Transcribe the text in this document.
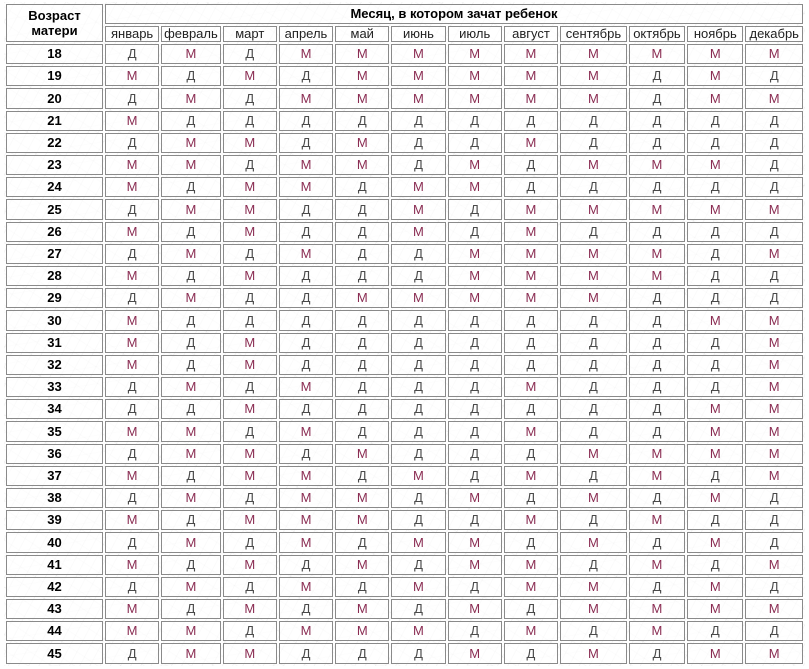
Возраст матери	Месяц, в котором зачат ребенок											
	январь	февраль	март	апрель	май	июнь	июль	август	сентябрь	октябрь	ноябрь	декабрь
18	Д	М	Д	М	М	М	М	М	М	М	М	М
19	М	Д	М	Д	М	М	М	М	М	Д	М	Д
20	Д	М	Д	М	М	М	М	М	М	Д	М	М
21	М	Д	Д	Д	Д	Д	Д	Д	Д	Д	Д	Д
22	Д	М	М	Д	М	Д	Д	М	Д	Д	Д	Д
23	М	М	Д	М	М	Д	М	Д	М	М	М	Д
24	М	Д	М	М	Д	М	М	Д	Д	Д	Д	Д
25	Д	М	М	Д	Д	М	Д	М	М	М	М	М
26	М	Д	М	Д	Д	М	Д	М	Д	Д	Д	Д
27	Д	М	Д	М	Д	Д	М	М	М	М	Д	М
28	М	Д	М	Д	Д	Д	М	М	М	М	Д	Д
29	Д	М	Д	Д	М	М	М	М	М	Д	Д	Д
30	М	Д	Д	Д	Д	Д	Д	Д	Д	Д	М	М
31	М	Д	М	Д	Д	Д	Д	Д	Д	Д	Д	М
32	М	Д	М	Д	Д	Д	Д	Д	Д	Д	Д	М
33	Д	М	Д	М	Д	Д	Д	М	Д	Д	Д	М
34	Д	Д	М	Д	Д	Д	Д	Д	Д	Д	М	М
35	М	М	Д	М	Д	Д	Д	М	Д	Д	М	М
36	Д	М	М	Д	М	Д	Д	Д	М	М	М	М
37	М	Д	М	М	Д	М	Д	М	Д	М	Д	М
38	Д	М	Д	М	М	Д	М	Д	М	Д	М	Д
39	М	Д	М	М	М	Д	Д	М	Д	М	Д	Д
40	Д	М	Д	М	Д	М	М	Д	М	Д	М	Д
41	М	Д	М	Д	М	Д	М	М	Д	М	Д	М
42	Д	М	Д	М	Д	М	Д	М	М	Д	М	Д
43	М	Д	М	Д	М	Д	М	Д	М	М	М	М
44	М	М	Д	М	М	М	Д	М	Д	М	Д	Д
45	Д	М	М	Д	Д	Д	М	Д	М	Д	М	М
